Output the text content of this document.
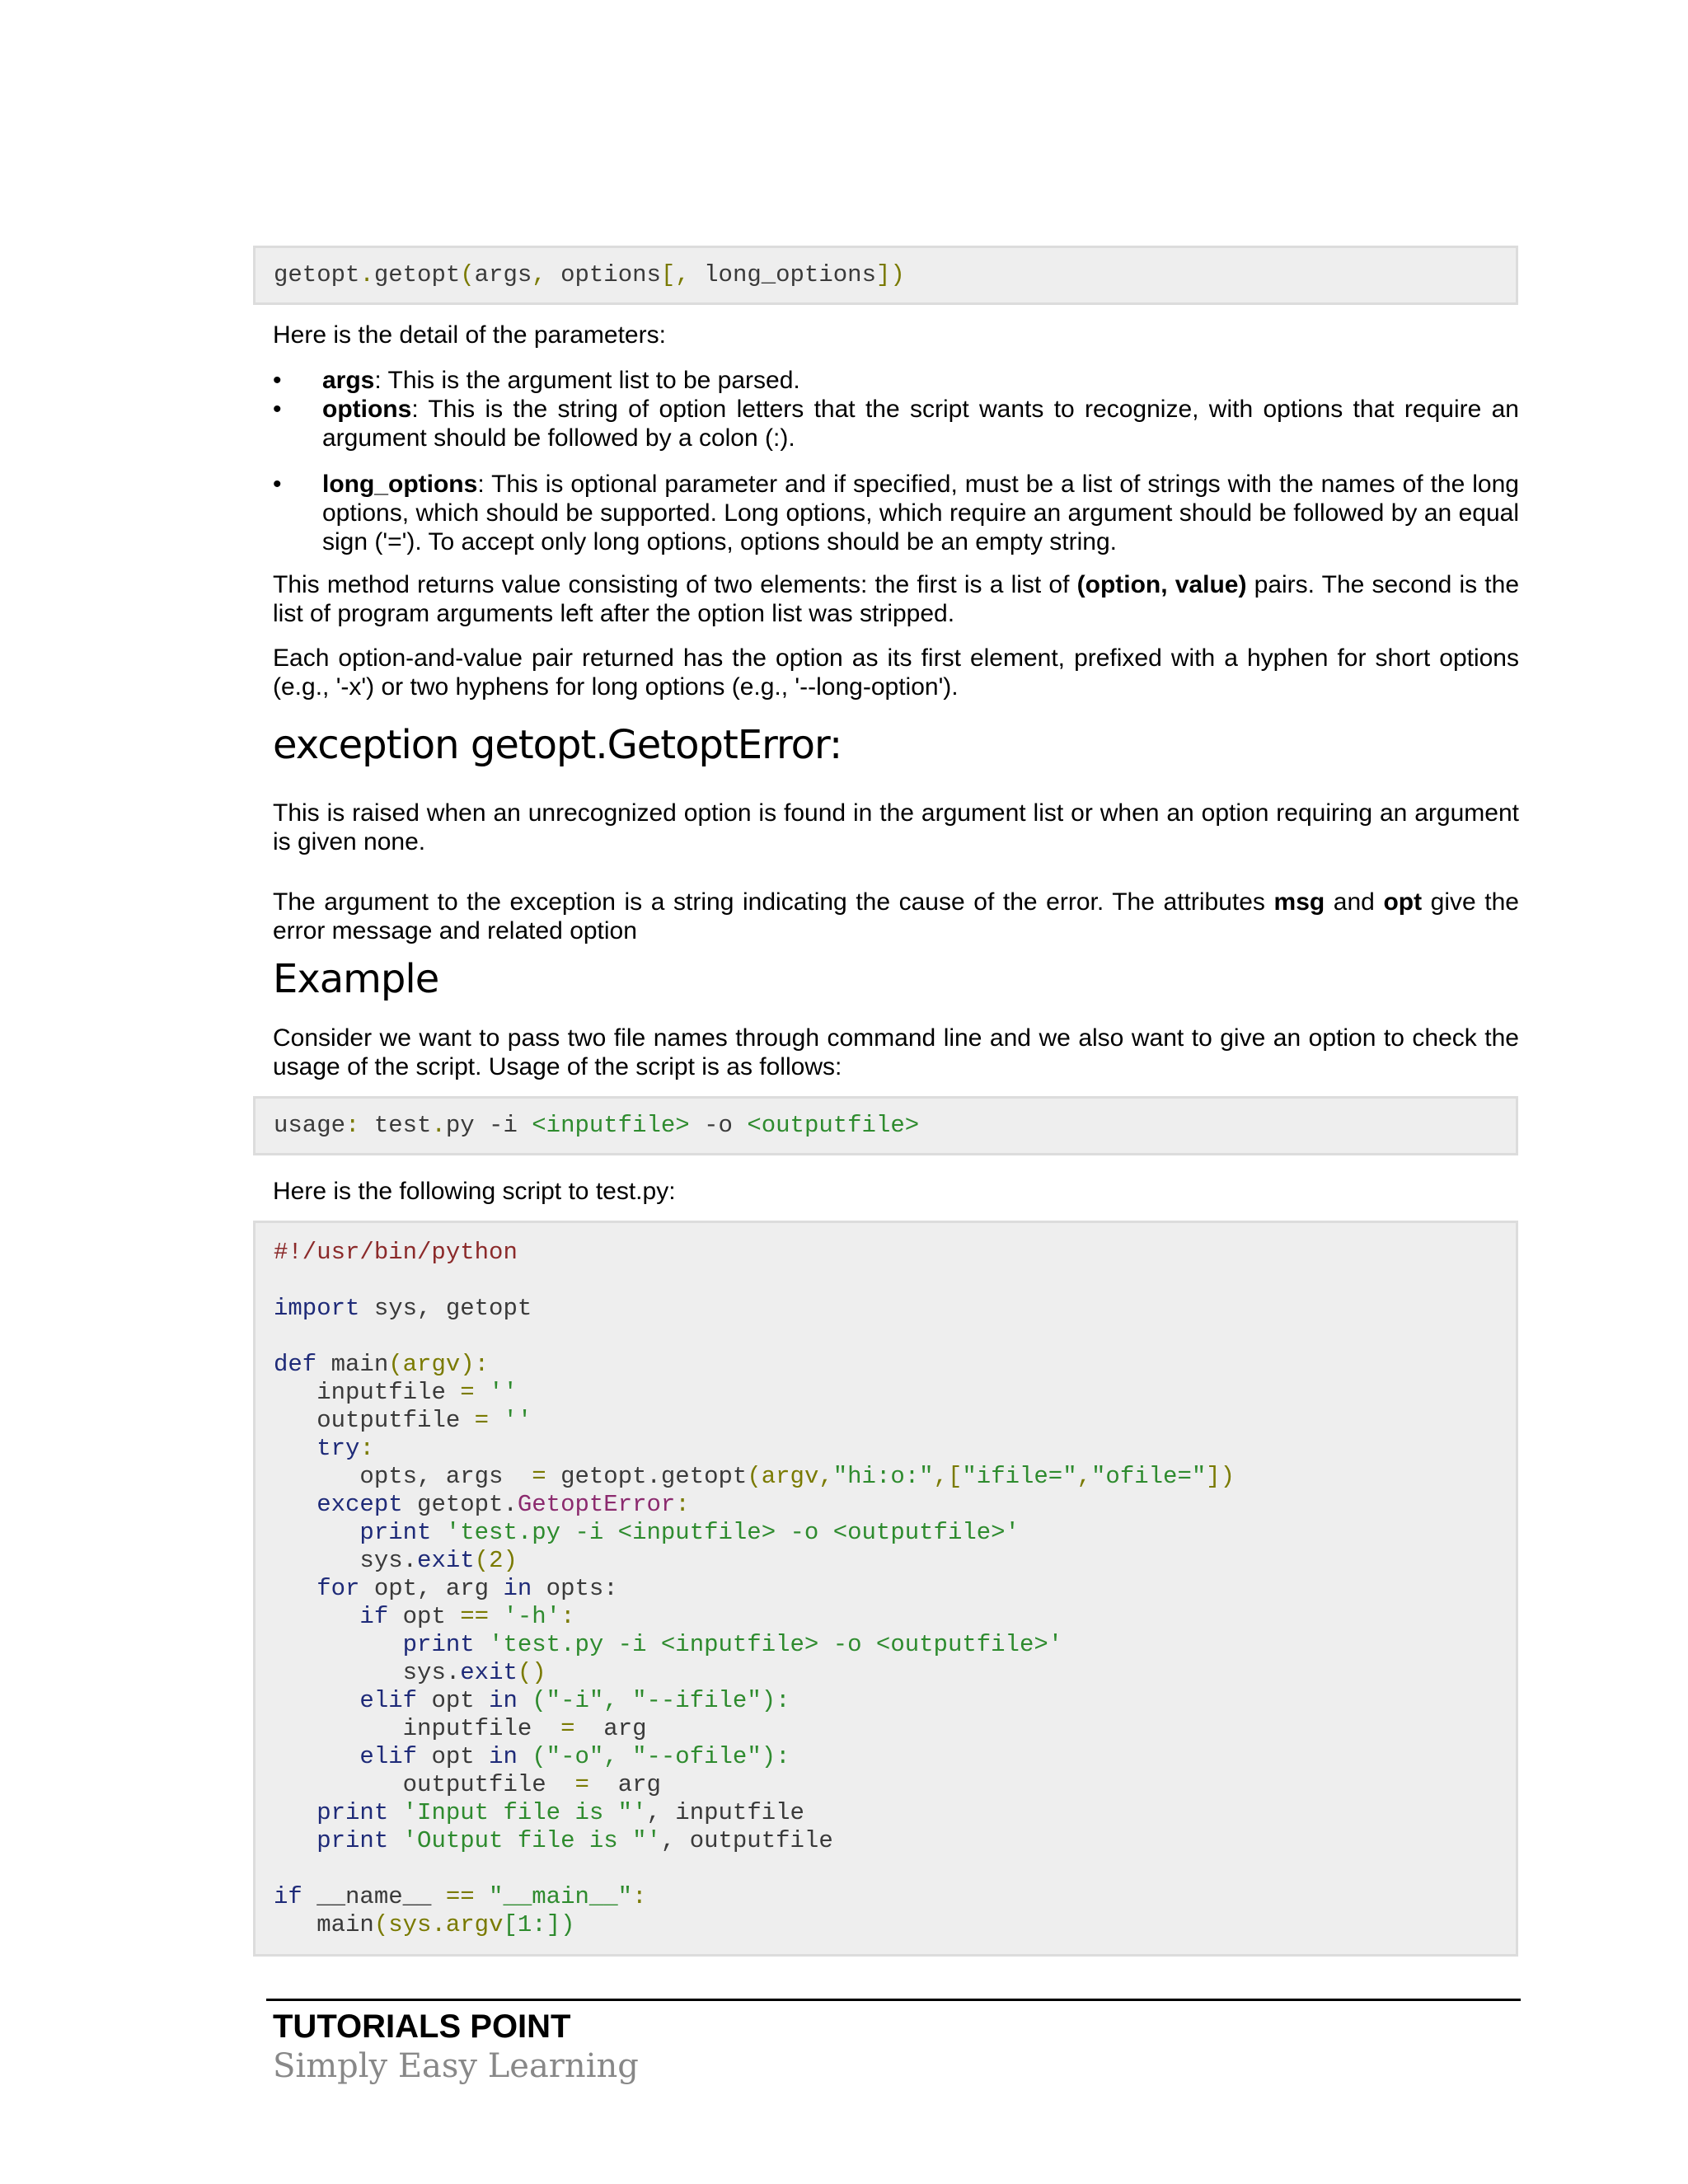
getopt.getopt(args, options[, long_options])

Here is the detail of the parameters:

• args: This is the argument list to be parsed.

• options: This is the string of option letters that the script wants to recognize, with options that require an argument should be followed by a colon (:).

• long_options: This is optional parameter and if specified, must be a list of strings with the names of the long options, which should be supported. Long options, which require an argument should be followed by an equal sign ('='). To accept only long options, options should be an empty string.

This method returns value consisting of two elements: the first is a list of (option, value) pairs. The second is the list of program arguments left after the option list was stripped.

Each option-and-value pair returned has the option as its first element, prefixed with a hyphen for short options (e.g., '-x') or two hyphens for long options (e.g., '--long-option').

exception getopt.GetoptError:

This is raised when an unrecognized option is found in the argument list or when an option requiring an argument is given none.

The argument to the exception is a string indicating the cause of the error. The attributes msg and opt give the error message and related option

Example

Consider we want to pass two file names through command line and we also want to give an option to check the usage of the script. Usage of the script is as follows:

usage: test.py -i <inputfile> -o <outputfile>

Here is the following script to test.py:

#!/usr/bin/python

import sys, getopt

def main(argv):
inputfile = ''
outputfile = ''
try:
opts, args  = getopt.getopt(argv,"hi:o:",["ifile=","ofile="])
except getopt.GetoptError:
print 'test.py -i <inputfile> -o <outputfile>'
sys.exit(2)
for opt, arg in opts:
if opt == '-h':
print 'test.py -i <inputfile> -o <outputfile>'
sys.exit()
elif opt in ("-i", "--ifile"):
inputfile  =  arg
elif opt in ("-o", "--ofile"):
outputfile  =  arg
print 'Input file is "', inputfile
print 'Output file is "', outputfile

if __name__ == "__main__":
main(sys.argv[1:])
TUTORIALS POINT
Simply Easy Learning
